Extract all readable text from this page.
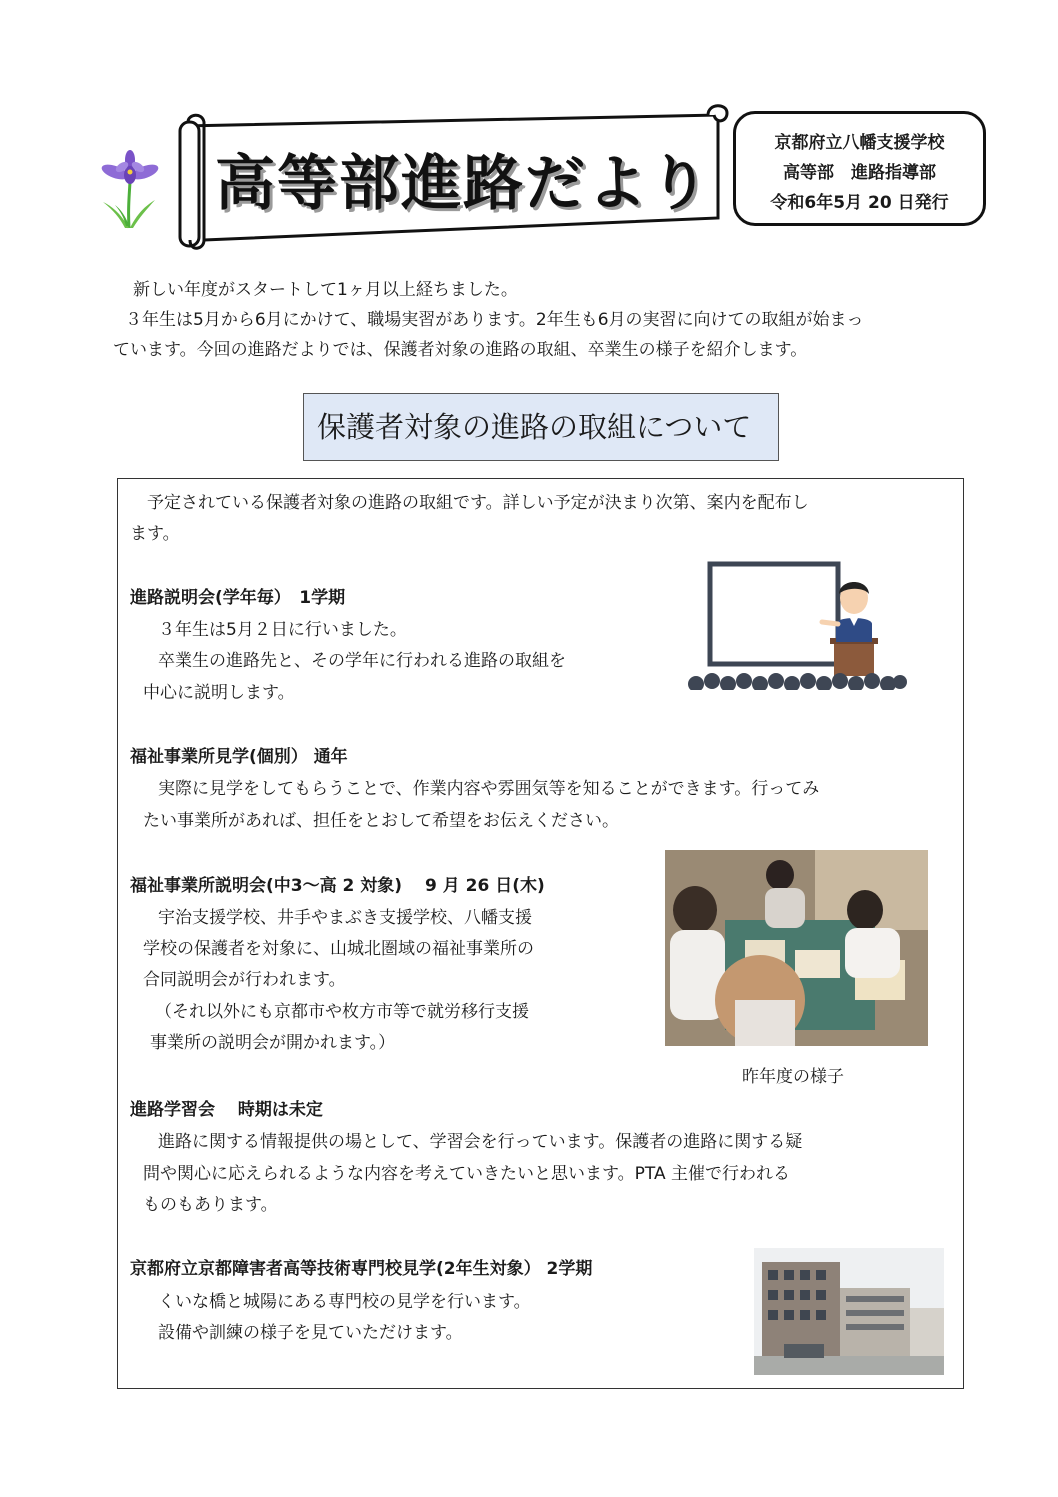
高等部進路だより
京都府立八幡支援学校
高等部　進路指導部
令和6年5月 20 日発行

新しい年度がスタートして1ヶ月以上経ちました。

３年生は5月から6月にかけて、職場実習があります。2年生も6月の実習に向けての取組が始まっ

ています。今回の進路だよりでは、保護者対象の進路の取組、卒業生の様子を紹介します。

保護者対象の進路の取組について
予定されている保護者対象の進路の取組です。詳しい予定が決まり次第、案内を配布し
ます。
進路説明会(学年毎）　1学期
３年生は5月２日に行いました。
卒業生の進路先と、その学年に行われる進路の取組を
中心に説明します。
福祉事業所見学(個別） 通年
実際に見学をしてもらうことで、作業内容や雰囲気等を知ることができます。行ってみ
たい事業所があれば、担任をとおして希望をお伝えください。
福祉事業所説明会(中3～高 2 対象)　 9 月 26 日(木)
宇治支援学校、井手やまぶき支援学校、八幡支援
学校の保護者を対象に、山城北圏域の福祉事業所の
合同説明会が行われます。
（それ以外にも京都市や枚方市等で就労移行支援
事業所の説明会が開かれます。）
昨年度の様子
進路学習会　 時期は未定
進路に関する情報提供の場として、学習会を行っています。保護者の進路に関する疑
問や関心に応えられるような内容を考えていきたいと思います。PTA 主催で行われる
ものもあります。
京都府立京都障害者高等技術専門校見学(2年生対象） 2学期
くいな橋と城陽にある専門校の見学を行います。
設備や訓練の様子を見ていただけます。
